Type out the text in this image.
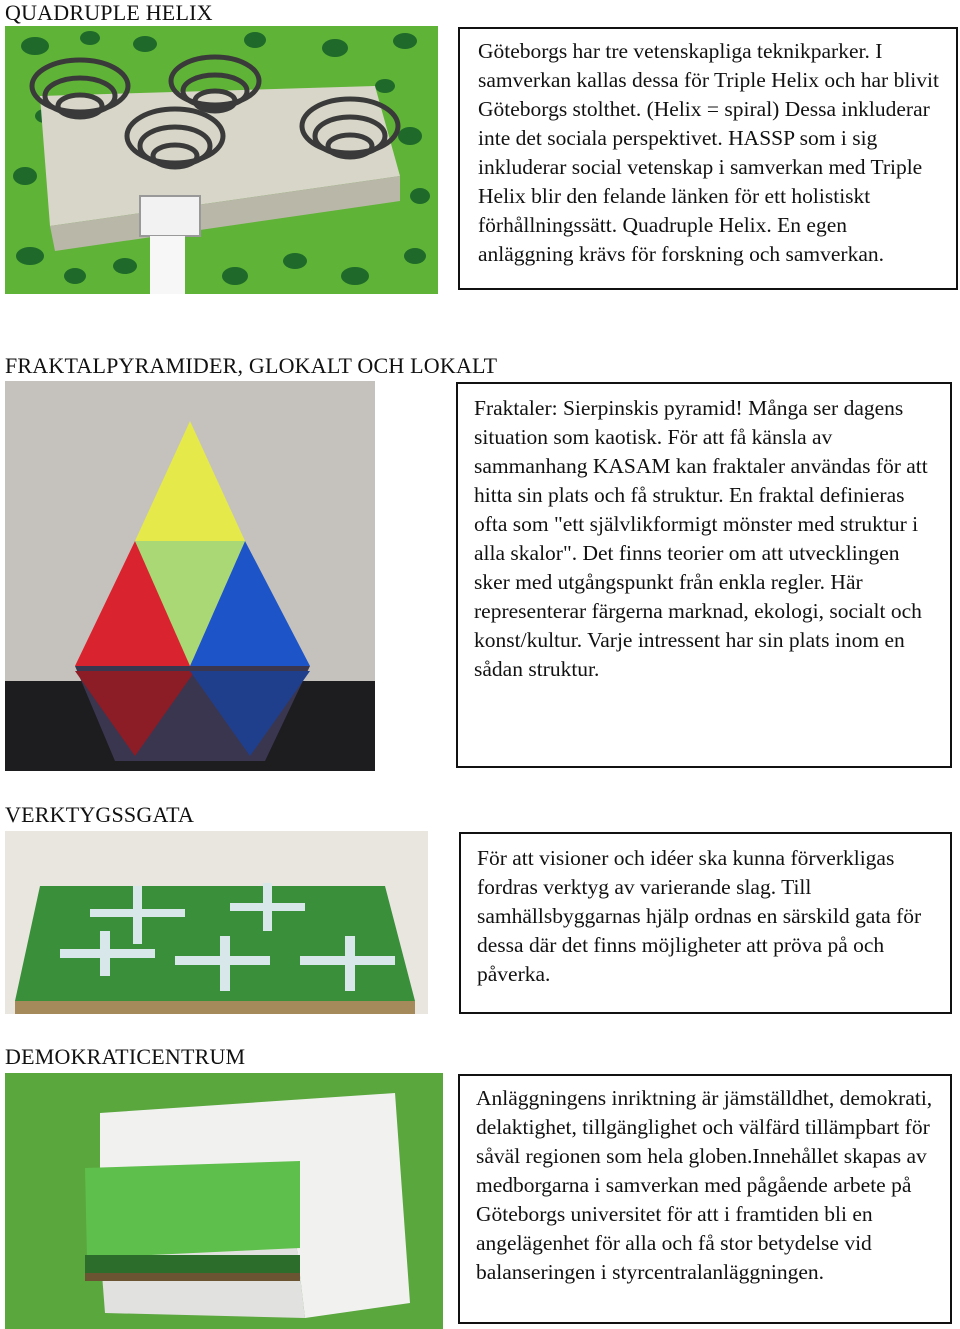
QUADRUPLE HELIX

Göteborgs har tre vetenskapliga teknikparker. I samverkan kallas dessa för Triple Helix och har blivit Göteborgs stolthet. (Helix = spiral) Dessa inkluderar inte det sociala perspektivet. HASSP som i sig inkluderar social vetenskap i samverkan med Triple Helix blir den felande länken för ett holistiskt förhållningssätt. Quadruple Helix. En egen anläggning krävs för forskning och samverkan.

FRAKTALPYRAMIDER, GLOKALT OCH LOKALT

Fraktaler: Sierpinskis pyramid! Många ser dagens situation som kaotisk. För att få känsla av sammanhang KASAM kan fraktaler användas för att hitta sin plats och få struktur. En fraktal definieras ofta som "ett självlikformigt mönster med struktur i alla skalor". Det finns teorier om att utvecklingen sker med utgångspunkt från enkla regler. Här representerar färgerna marknad, ekologi, socialt och konst/kultur. Varje intressent har sin plats inom en sådan struktur.

VERKTYGSSGATA

För att visioner och idéer ska kunna förverkligas fordras verktyg av varierande slag. Till samhällsbyggarnas hjälp ordnas en särskild gata för dessa där det finns möjligheter att pröva på och påverka.

DEMOKRATICENTRUM

Anläggningens inriktning är jämställdhet, demokrati, delaktighet, tillgänglighet och välfärd tillämpbart för såväl regionen som hela globen.Innehållet skapas av medborgarna i samverkan med pågående arbete på Göteborgs universitet för att i framtiden bli en angelägenhet för alla och få stor betydelse vid balanseringen i styrcentralanläggningen.
